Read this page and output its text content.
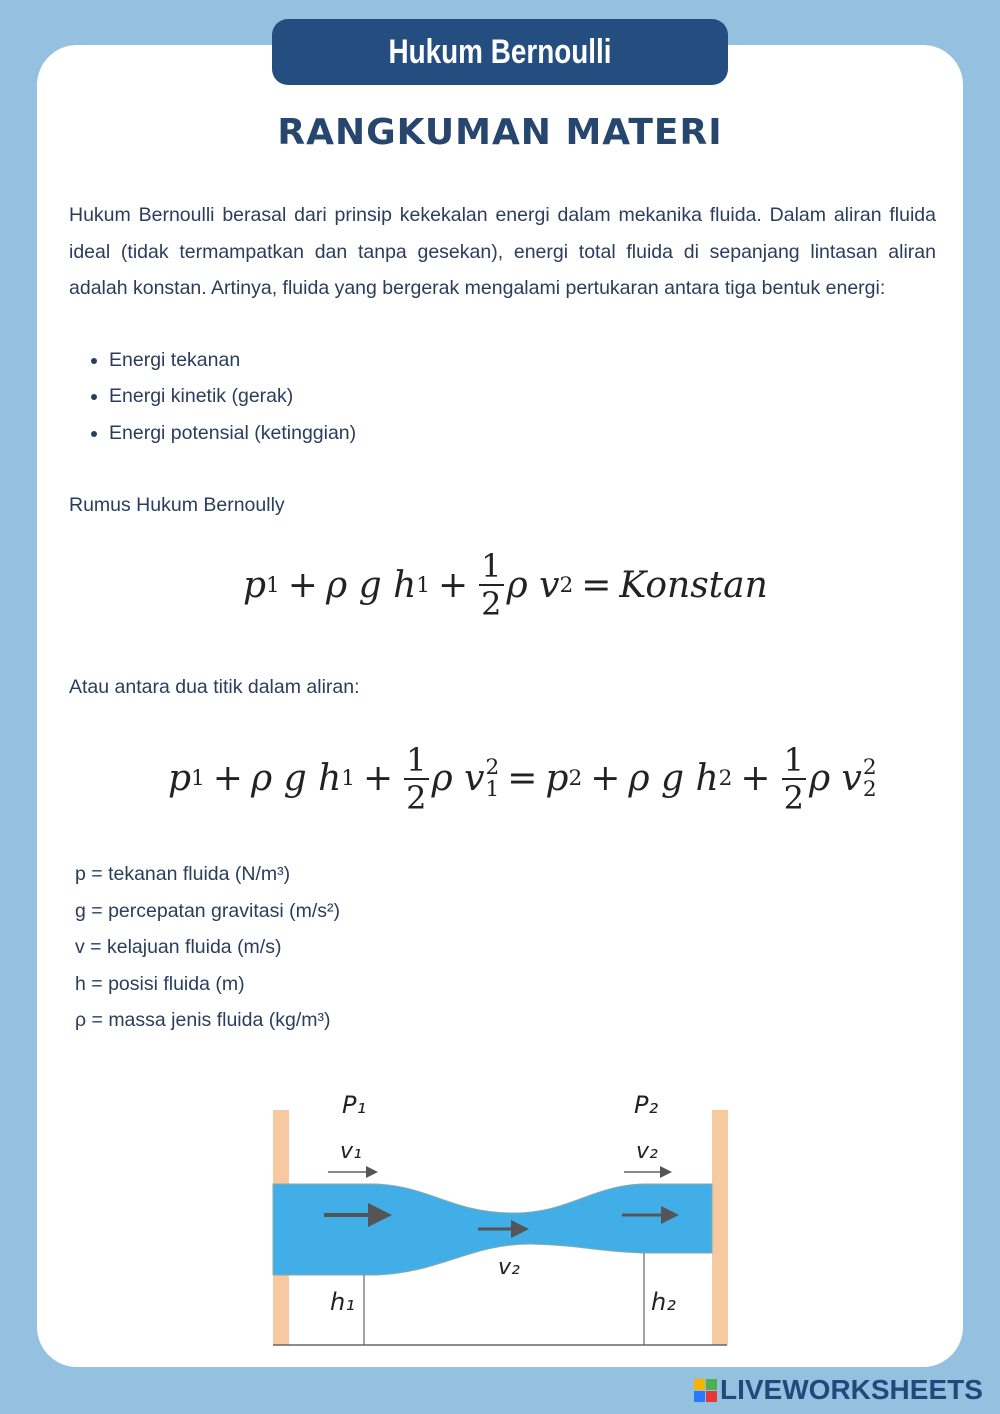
Hukum Bernoulli
RANGKUMAN MATERI

Hukum Bernoulli berasal dari prinsip kekekalan energi dalam mekanika fluida. Dalam aliran fluida ideal (tidak termampatkan dan tanpa gesekan), energi total fluida di sepanjang lintasan aliran adalah konstan. Artinya, fluida yang bergerak mengalami pertukaran antara tiga bentuk energi:

• Energi tekanan
• Energi kinetik (gerak)
• Energi potensial (ketinggian)
Rumus Hukum Bernoully
p 1 + ρ g h $1 + \frac{1}{2}$ ρ v 2 = Konstan
Atau antara dua titik dalam aliran:
p 1 + ρ g h $1 + \frac{1}{2}$ ρ v 2
1 = p 2 + ρ g h $2 + \frac{1}{2}$ ρ v 2
2
p = tekanan fluida (N/m³)
g = percepatan gravitasi (m/s²)
v = kelajuan fluida (m/s)
h = posisi fluida (m)
ρ = massa jenis fluida (kg/m³)
P₁	P₂
v₁	v₂
v₂
h₁	h₂
LIVEWORKSHEETS
